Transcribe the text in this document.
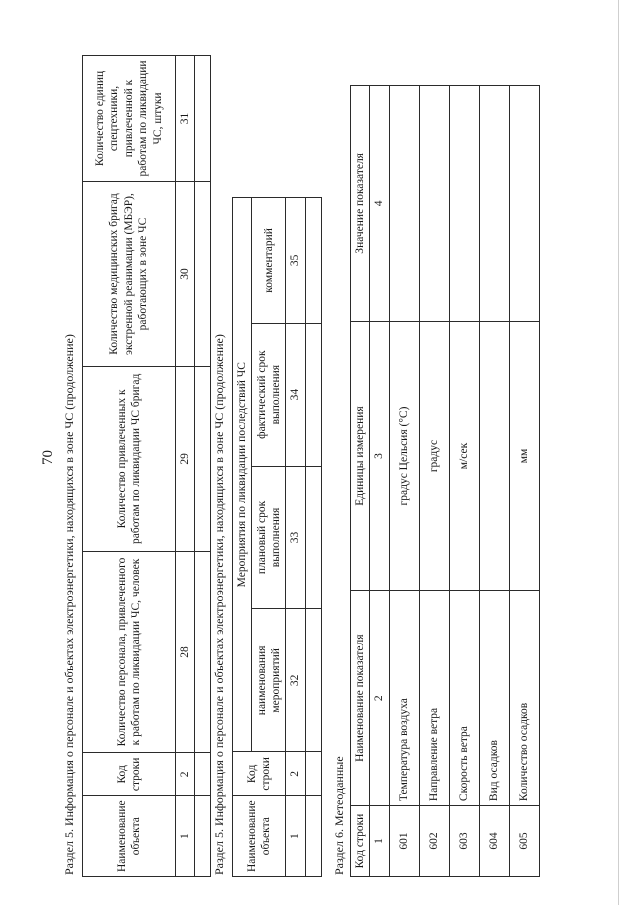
70 Раздел 5. Информация о персонале и объектах электроэнергетики, находящихся в зоне ЧС (продолжение)	Наименование объекта	Код строки	Количество персонала, привлеченного к работам по ликвидации ЧС, человек	Количество привлеченных к работам по ликвидации ЧС бригад	Количество медицинских бригад экстренной реанимации (МБЭР), работающих в зоне ЧС	Количество единиц спецтехники, привлеченной к работам по ликвидации ЧС, штуки
1	2	28	29	30	31

Раздел 5. Информация о персонале и объектах электроэнергетики, находящихся в зоне ЧС (продолжение) Наименование объекта	Код строки	Мероприятия по ликвидации последствий ЧС			
		наименования мероприятий	плановый срок выполнения	фактический срок выполнения	комментарий
1	2	32	33	34	35

Раздел 6. Метеоданные Код строки	Наименование показателя	Единицы измерения	Значение показателя
1	2	3	4
601	Температура воздуха	градус Цельсия (°С)	
602	Направление ветра	градус	
603	Скорость ветра	м/сек	
604	Вид осадков		
605	Количество осадков	мм	
